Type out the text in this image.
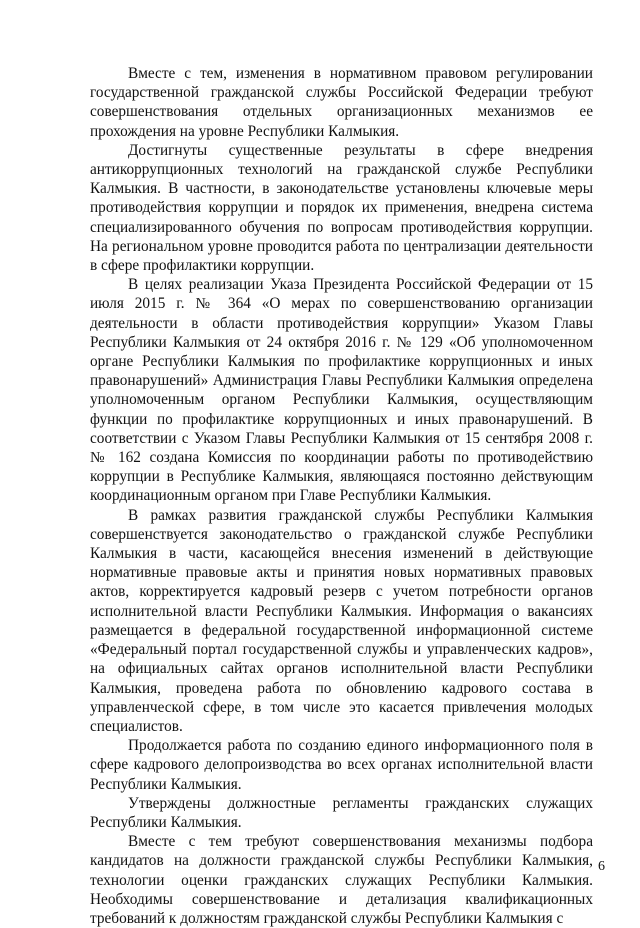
Вместе с тем, изменения в нормативном правовом регулировании государственной гражданской службы Российской Федерации требуют совершенствования отдельных организационных механизмов ее прохождения на уровне Республики Калмыкия.

Достигнуты существенные результаты в сфере внедрения антикоррупционных технологий на гражданской службе Республики Калмыкия. В частности, в законодательстве установлены ключевые меры противодействия коррупции и порядок их применения, внедрена система специализированного обучения по вопросам противодействия коррупции. На региональном уровне проводится работа по централизации деятельности в сфере профилактики коррупции.

В целях реализации Указа Президента Российской Федерации от 15 июля 2015 г. № 364 «О мерах по совершенствованию организации деятельности в области противодействия коррупции» Указом Главы Республики Калмыкия от 24 октября 2016 г. № 129 «Об уполномоченном органе Республики Калмыкия по профилактике коррупционных и иных правонарушений» Администрация Главы Республики Калмыкия определена уполномоченным органом Республики Калмыкия, осуществляющим функции по профилактике коррупционных и иных правонарушений. В соответствии с Указом Главы Республики Калмыкия от 15 сентября 2008 г. № 162 создана Комиссия по координации работы по противодействию коррупции в Республике Калмыкия, являющаяся постоянно действующим координационным органом при Главе Республики Калмыкия.

В рамках развития гражданской службы Республики Калмыкия совершенствуется законодательство о гражданской службе Республики Калмыкия в части, касающейся внесения изменений в действующие нормативные правовые акты и принятия новых нормативных правовых актов, корректируется кадровый резерв с учетом потребности органов исполнительной власти Республики Калмыкия. Информация о вакансиях размещается в федеральной государственной информационной системе «Федеральный портал государственной службы и управленческих кадров», на официальных сайтах органов исполнительной власти Республики Калмыкия, проведена работа по обновлению кадрового состава в управленческой сфере, в том числе это касается привлечения молодых специалистов.

Продолжается работа по созданию единого информационного поля в сфере кадрового делопроизводства во всех органах исполнительной власти Республики Калмыкия.

Утверждены должностные регламенты гражданских служащих Республики Калмыкия.

Вместе с тем требуют совершенствования механизмы подбора кандидатов на должности гражданской службы Республики Калмыкия, технологии оценки гражданских служащих Республики Калмыкия. Необходимы совершенствование и детализация квалификационных требований к должностям гражданской службы Республики Калмыкия с

6
